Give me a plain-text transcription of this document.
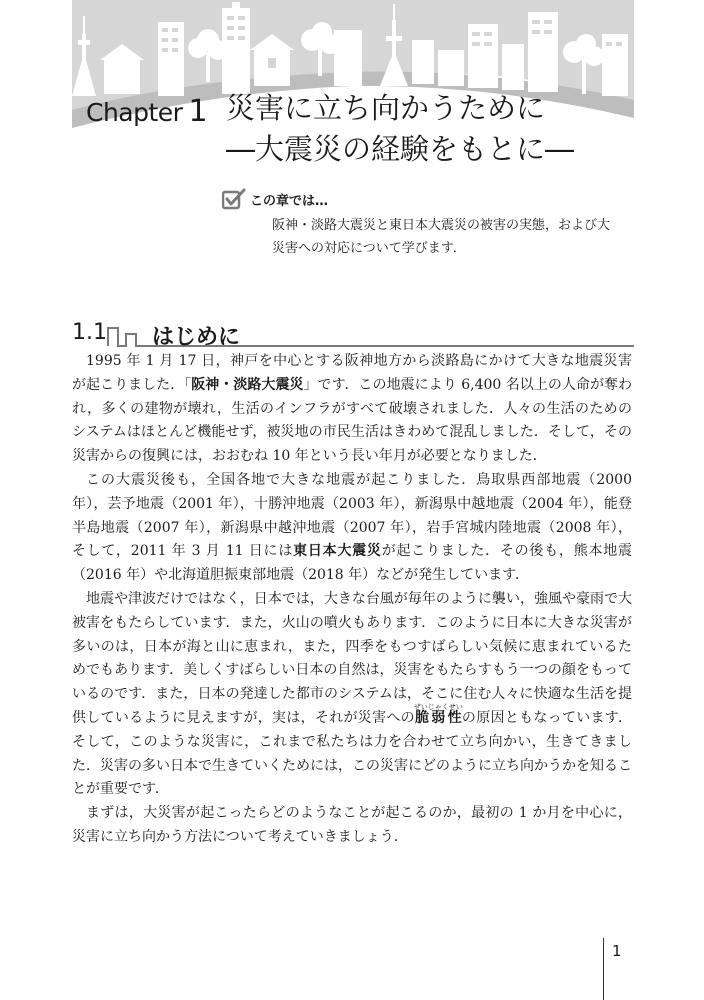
Chapter 1 災害に立ち向かうために
―大震災の経験をもとに―
この章では…
阪神・淡路大震災と東日本大震災の被害の実態，および大
災害への対応について学びます．
1.1 はじめに

1995 年 1 月 17 日，神戸を中心とする阪神地方から淡路島にかけて大きな地震災害が起こりました．「阪神・淡路大震災」です．この地震により 6,400 名以上の人命が奪われ，多くの建物が壊れ，生活のインフラがすべて破壊されました．人々の生活のためのシステムはほとんど機能せず，被災地の市民生活はきわめて混乱しました．そして，その災害からの復興には，おおむね 10 年という長い年月が必要となりました．

この大震災後も，全国各地で大きな地震が起こりました．鳥取県西部地震（2000 年），芸予地震（2001 年），十勝沖地震（2003 年），新潟県中越地震（2004 年），能登半島地震（2007 年），新潟県中越沖地震（2007 年），岩手宮城内陸地震（2008 年），そして，2011 年 3 月 11 日には東日本大震災が起こりました．その後も，熊本地震（2016 年）や北海道胆振東部地震（2018 年）などが発生しています．

地震や津波だけではなく，日本では，大きな台風が毎年のように襲い，強風や豪雨で大被害をもたらしています．また，火山の噴火もあります．このように日本に大きな災害が多いのは，日本が海と山に恵まれ，また，四季をもつすばらしい気候に恵まれているためでもあります．美しくすばらしい日本の自然は，災害をもたらすもう一つの顔をもっているのです．また，日本の発達した都市のシステムは，そこに住む人々に快適な生活を提供しているように見えますが，実は，それが災害への脆弱性ぜいじゃくせいの原因ともなっています．そして，このような災害に，これまで私たちは力を合わせて立ち向かい，生きてきました．災害の多い日本で生きていくためには，この災害にどのように立ち向かうかを知ることが重要です．

まずは，大災害が起こったらどのようなことが起こるのか，最初の 1 か月を中心に，災害に立ち向かう方法について考えていきましょう．

1
